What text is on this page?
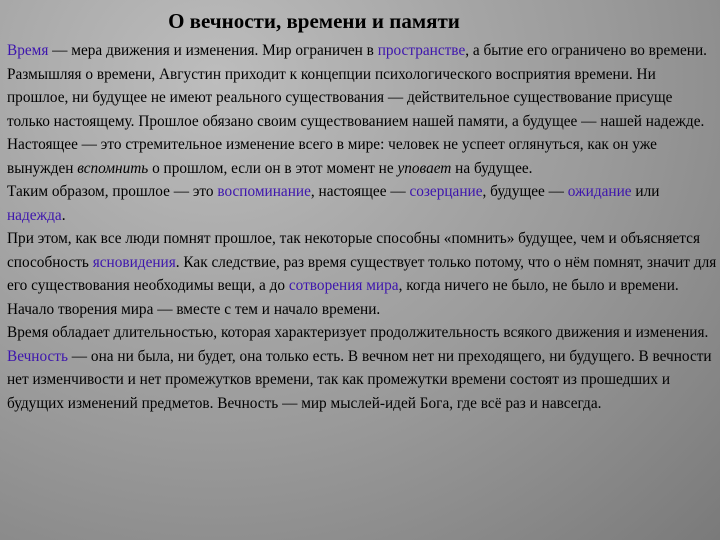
О вечности, времени и памяти

Время — мера движения и изменения. Мир ограничен в пространстве, а бытие его ограничено во времени. Размышляя о времени, Августин приходит к концепции психологического восприятия времени. Ни прошлое, ни будущее не имеют реального существования — действительное существование присуще только настоящему. Прошлое обязано своим существованием нашей памяти, а будущее — нашей надежде. Настоящее — это стремительное изменение всего в мире: человек не успеет оглянуться, как он уже вынужден вспомнить о прошлом, если он в этот момент не уповает на будущее.

Таким образом, прошлое — это воспоминание, настоящее — созерцание, будущее — ожидание или надежда.

При этом, как все люди помнят прошлое, так некоторые способны «помнить» будущее, чем и объясняется способность ясновидения. Как следствие, раз время существует только потому, что о нём помнят, значит для его существования необходимы вещи, а до сотворения мира, когда ничего не было, не было и времени. Начало творения мира — вместе с тем и начало времени.

Время обладает длительностью, которая характеризует продолжительность всякого движения и изменения.

Вечность — она ни была, ни будет, она только есть. В вечном нет ни преходящего, ни будущего. В вечности нет изменчивости и нет промежутков времени, так как промежутки времени состоят из прошедших и будущих изменений предметов. Вечность — мир мыслей-идей Бога, где всё раз и навсегда.
